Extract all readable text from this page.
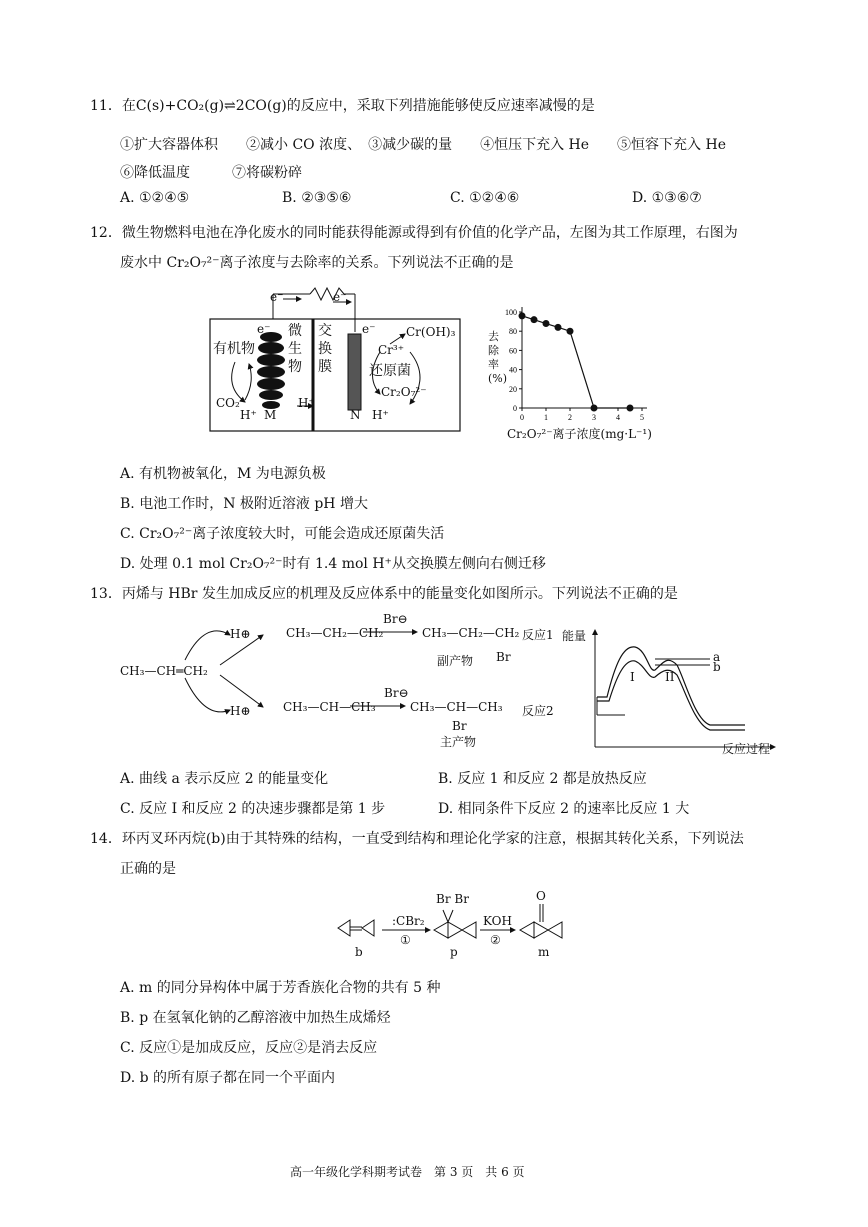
11．在C(s)+CO₂(g)⇌2CO(g)的反应中，采取下列措施能够使反应速率减慢的是
①扩大容器体积　　②减小 CO 浓度、　③减少碳的量　　④恒压下充入 He　　⑤恒容下充入 He
⑥降低温度　　　⑦将碳粉碎
A. ①②④⑤	B. ②③⑤⑥	C. ①②④⑥	D. ①③⑥⑦
12．微生物燃料电池在净化废水的同时能获得能源或得到有价值的化学产品，左图为其工作原理，右图为
废水中 Cr₂O₇²⁻离子浓度与去除率的关系。下列说法不正确的是
e⁻	e⁻
e⁻	e⁻
有机物
微生物
交换膜
Cr(OH)₃
Cr³⁺
还原菌
Cr₂O₇²⁻
CO₂
H⁺ M
H⁺
N H⁺	0
20
40
60
80
100
0	1	2	3	4	5
去除率(%)
Cr₂O₇²⁻离子浓度(mg·L⁻¹)
A. 有机物被氧化，M 为电源负极
B. 电池工作时，N 极附近溶液 pH 增大
C. Cr₂O₇²⁻离子浓度较大时，可能会造成还原菌失活
D. 处理 0.1 mol Cr₂O₇²⁻时有 1.4 mol H⁺从交换膜左侧向右侧迁移
13．丙烯与 HBr 发生加成反应的机理及反应体系中的能量变化如图所示。下列说法不正确的是
CH₃—CH═CH₂
H⊕
H⊕
CH₃—CH₂—CH₂
CH₃—CH—CH₃
Br⊖
Br⊖
CH₃—CH₂—CH₂
Br
副产物
CH₃—CH—CH₃
Br
主产物
反应1
反应2
能量
a
b
I	II
反应过程
A. 曲线 a 表示反应 2 的能量变化	B. 反应 1 和反应 2 都是放热反应
C. 反应 I 和反应 2 的决速步骤都是第 1 步	D. 相同条件下反应 2 的速率比反应 1 大
14．环丙叉环丙烷(b)由于其特殊的结构，一直受到结构和理论化学家的注意，根据其转化关系，下列说法
正确的是
:CBr₂
①
Br Br
KOH
②
O
b	p	m
A. m 的同分异构体中属于芳香族化合物的共有 5 种
B. p 在氢氧化钠的乙醇溶液中加热生成烯烃
C. 反应①是加成反应，反应②是消去反应
D. b 的所有原子都在同一个平面内
高一年级化学科期考试卷　第 3 页　共 6 页
